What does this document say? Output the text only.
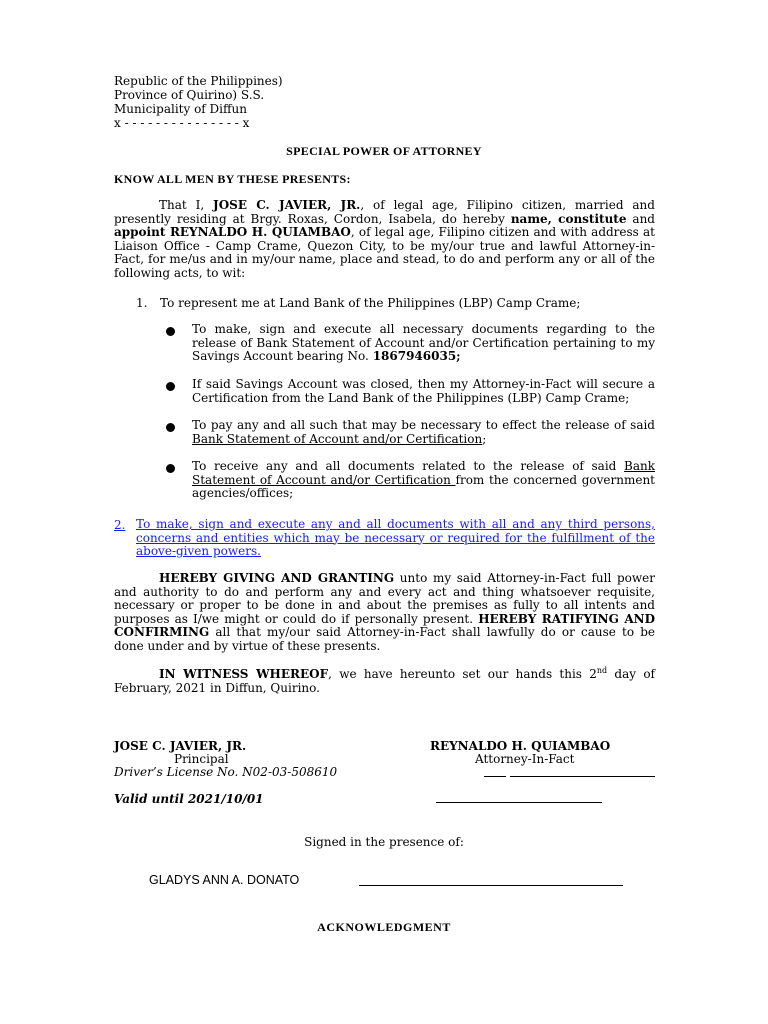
Republic of the Philippines)
Province of Quirino) S.S.
Municipality of Diffun
x - - - - - - - - - - - - - - - x
SPECIAL POWER OF ATTORNEY
KNOW ALL MEN BY THESE PRESENTS:
That I, JOSE C. JAVIER, JR., of legal age, Filipino citizen, married and presently residing at Brgy. Roxas, Cordon, Isabela, do hereby name, constitute and appoint REYNALDO H. QUIAMBAO, of legal age, Filipino citizen and with address at Liaison Office - Camp Crame, Quezon City, to be my/our true and lawful Attorney-in-Fact, for me/us and in my/our name, place and stead, to do and perform any or all of the following acts, to wit:
1. To represent me at Land Bank of the Philippines (LBP) Camp Crame;
To make, sign and execute all necessary documents regarding to the release of Bank Statement of Account and/or Certification pertaining to my Savings Account bearing No. 1867946035;
If said Savings Account was closed, then my Attorney-in-Fact will secure a Certification from the Land Bank of the Philippines (LBP) Camp Crame;
To pay any and all such that may be necessary to effect the release of said Bank Statement of Account and/or Certification;
To receive any and all documents related to the release of said Bank Statement of Account and/or Certification from the concerned government agencies/offices;
2. To make, sign and execute any and all documents with all and any third persons, concerns and entities which may be necessary or required for the fulfillment of the above-given powers.
HEREBY GIVING AND GRANTING unto my said Attorney-in-Fact full power and authority to do and perform any and every act and thing whatsoever requisite, necessary or proper to be done in and about the premises as fully to all intents and purposes as I/we might or could do if personally present. HEREBY RATIFYING AND CONFIRMING all that my/our said Attorney-in-Fact shall lawfully do or cause to be done under and by virtue of these presents.
IN WITNESS WHEREOF, we have hereunto set our hands this 2nd day of February, 2021 in Diffun, Quirino.
JOSE C. JAVIER, JR.
Principal
Driver’s License No. N02-03-508610
Valid until 2021/10/01
REYNALDO H. QUIAMBAO
Attorney-In-Fact
Signed in the presence of:
GLADYS ANN A. DONATO
ACKNOWLEDGMENT
